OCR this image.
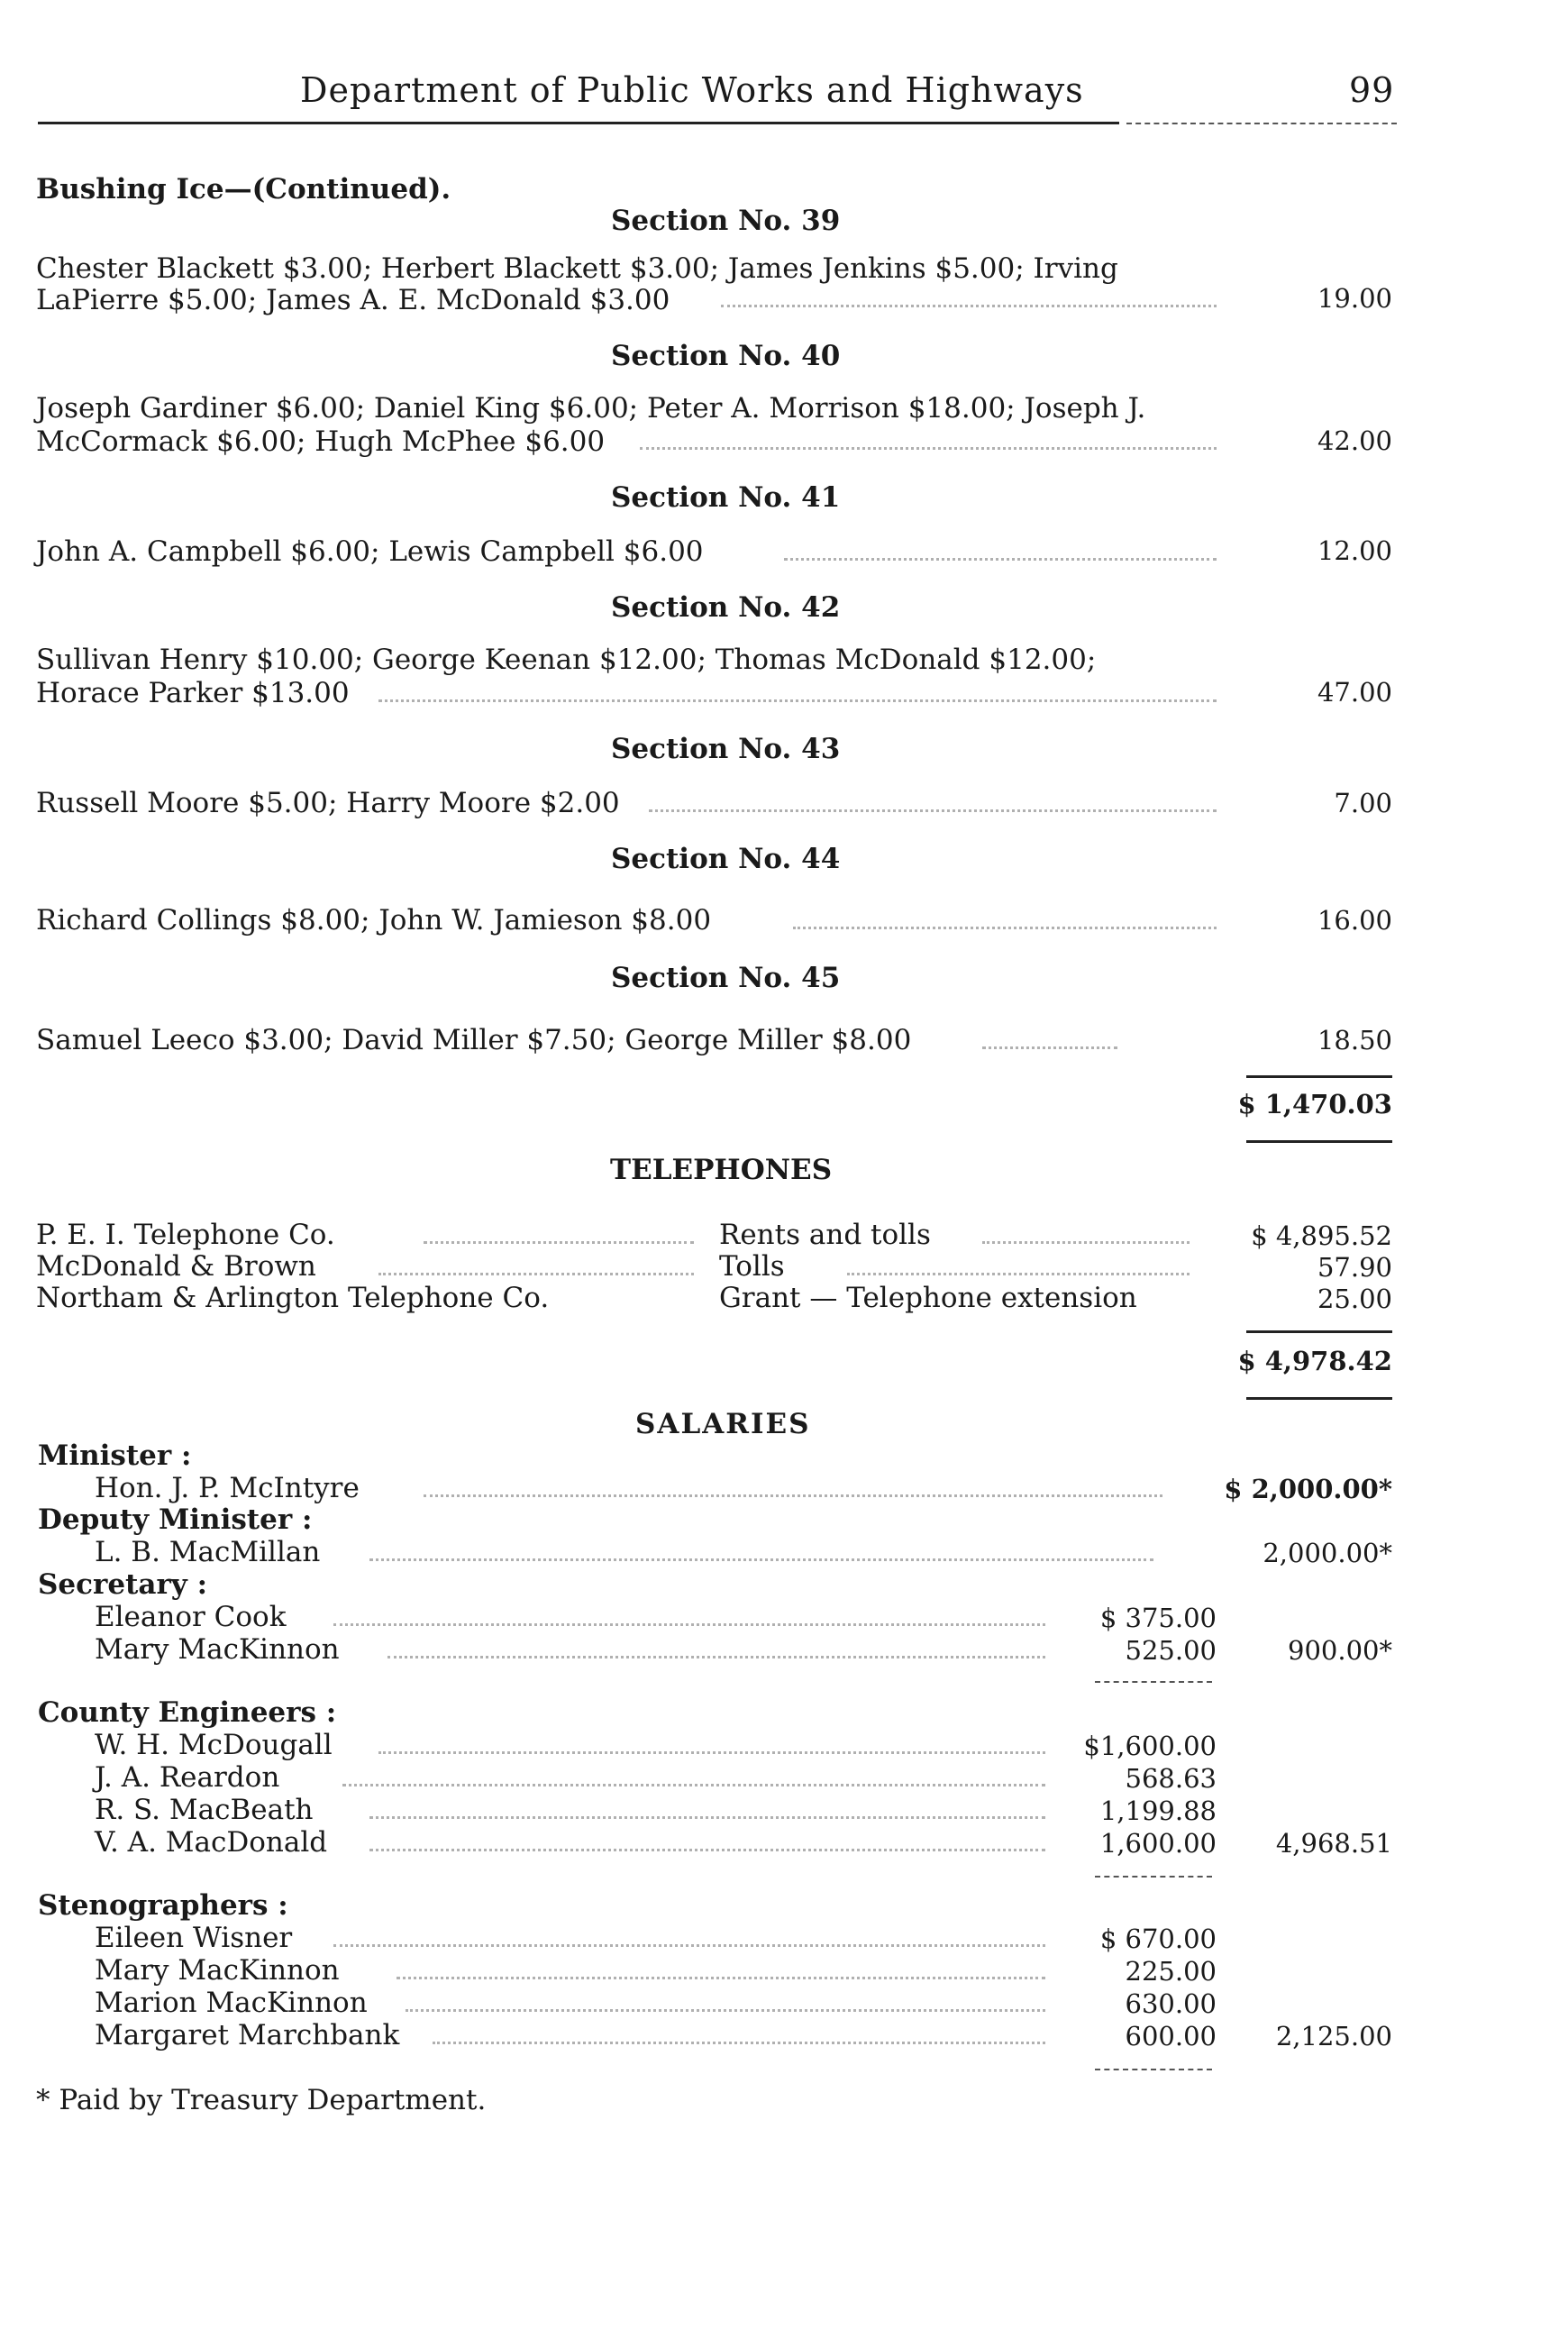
Department of Public Works and Highways	99
Bushing Ice—(Continued).
Section No. 39
Chester Blackett $3.00; Herbert Blackett $3.00; James Jenkins $5.00; Irving
LaPierre $5.00; James A. E. McDonald $3.00	19.00
Section No. 40
Joseph Gardiner $6.00; Daniel King $6.00; Peter A. Morrison $18.00; Joseph J.
McCormack $6.00; Hugh McPhee $6.00	42.00
Section No. 41
John A. Campbell $6.00; Lewis Campbell $6.00	12.00
Section No. 42
Sullivan Henry $10.00; George Keenan $12.00; Thomas McDonald $12.00;
Horace Parker $13.00	47.00
Section No. 43
Russell Moore $5.00; Harry Moore $2.00	7.00
Section No. 44
Richard Collings $8.00; John W. Jamieson $8.00	16.00
Section No. 45
Samuel Leeco $3.00; David Miller $7.50; George Miller $8.00	18.50
$ 1,470.03
TELEPHONES
P. E. I. Telephone Co.	Rents and tolls	$ 4,895.52
McDonald & Brown	Tolls	57.90
Northam & Arlington Telephone Co.	Grant — Telephone extension	25.00
$ 4,978.42
SALARIES
Minister :
Hon. J. P. McIntyre	$ 2,000.00*
Deputy Minister :
L. B. MacMillan	2,000.00*
Secretary :
Eleanor Cook	$ 375.00
Mary MacKinnon	525.00	900.00*
County Engineers :
W. H. McDougall	$1,600.00
J. A. Reardon	568.63
R. S. MacBeath	1,199.88
V. A. MacDonald	1,600.00	4,968.51
Stenographers :
Eileen Wisner	$ 670.00
Mary MacKinnon	225.00
Marion MacKinnon	630.00
Margaret Marchbank	600.00	2,125.00
* Paid by Treasury Department.
